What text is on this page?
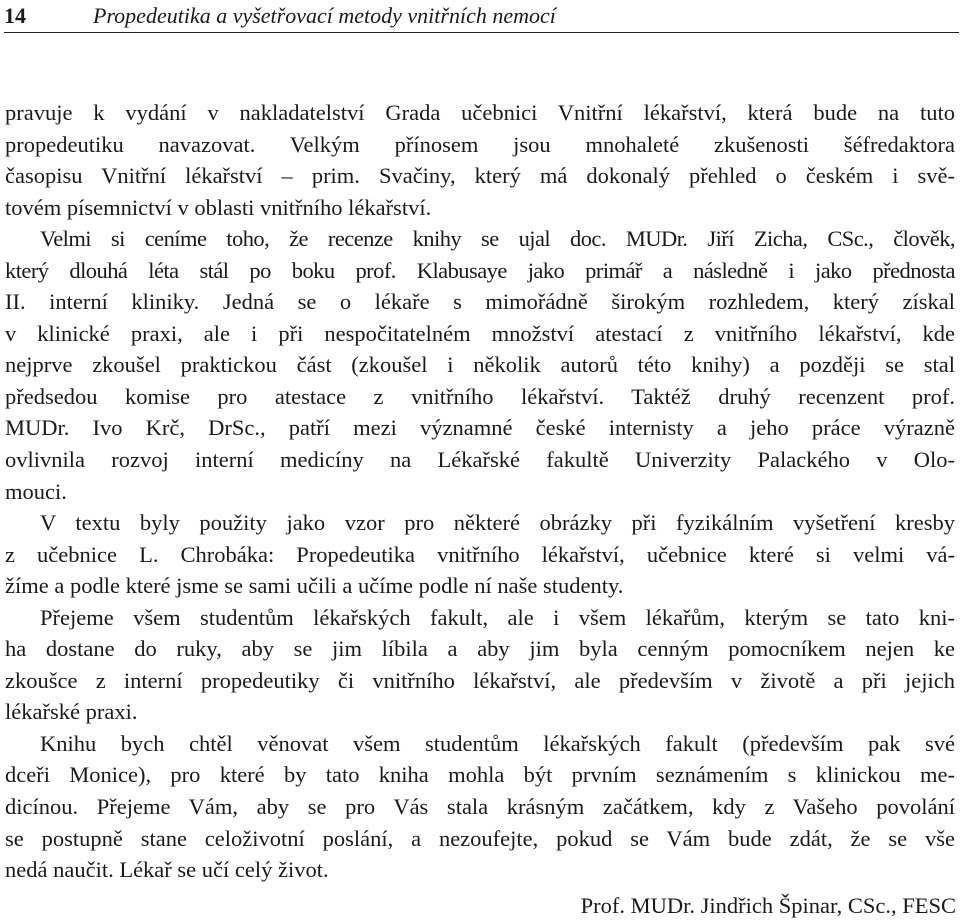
14	Propedeutika a vyšetřovací metody vnitřních nemocí
pravuje k vydání v nakladatelství Grada učebnici Vnitřní lékařství, která bude na tuto
propedeutiku navazovat. Velkým přínosem jsou mnohaleté zkušenosti šéfredaktora
časopisu Vnitřní lékařství – prim. Svačiny, který má dokonalý přehled o českém i svě-
tovém písemnictví v oblasti vnitřního lékařství.
Velmi si ceníme toho, že recenze knihy se ujal doc. MUDr. Jiří Zicha, CSc., člověk,
který dlouhá léta stál po boku prof. Klabusaye jako primář a následně i jako přednosta
II. interní kliniky. Jedná se o lékaře s mimořádně širokým rozhledem, který získal
v klinické praxi, ale i při nespočitatelném množství atestací z vnitřního lékařství, kde
nejprve zkoušel praktickou část (zkoušel i několik autorů této knihy) a později se stal
předsedou komise pro atestace z vnitřního lékařství. Taktéž druhý recenzent prof.
MUDr. Ivo Krč, DrSc., patří mezi významné české internisty a jeho práce výrazně
ovlivnila rozvoj interní medicíny na Lékařské fakultě Univerzity Palackého v Olo-
mouci.
V textu byly použity jako vzor pro některé obrázky při fyzikálním vyšetření kresby
z učebnice L. Chrobáka: Propedeutika vnitřního lékařství, učebnice které si velmi vá-
žíme a podle které jsme se sami učili a učíme podle ní naše studenty.
Přejeme všem studentům lékařských fakult, ale i všem lékařům, kterým se tato kni-
ha dostane do ruky, aby se jim líbila a aby jim byla cenným pomocníkem nejen ke
zkoušce z interní propedeutiky či vnitřního lékařství, ale především v životě a při jejich
lékařské praxi.
Knihu bych chtěl věnovat všem studentům lékařských fakult (především pak své
dceři Monice), pro které by tato kniha mohla být prvním seznámením s klinickou me-
dicínou. Přejeme Vám, aby se pro Vás stala krásným začátkem, kdy z Vašeho povolání
se postupně stane celoživotní poslání, a nezoufejte, pokud se Vám bude zdát, že se vše
nedá naučit. Lékař se učí celý život.
Prof. MUDr. Jindřich Špinar, CSc., FESC
